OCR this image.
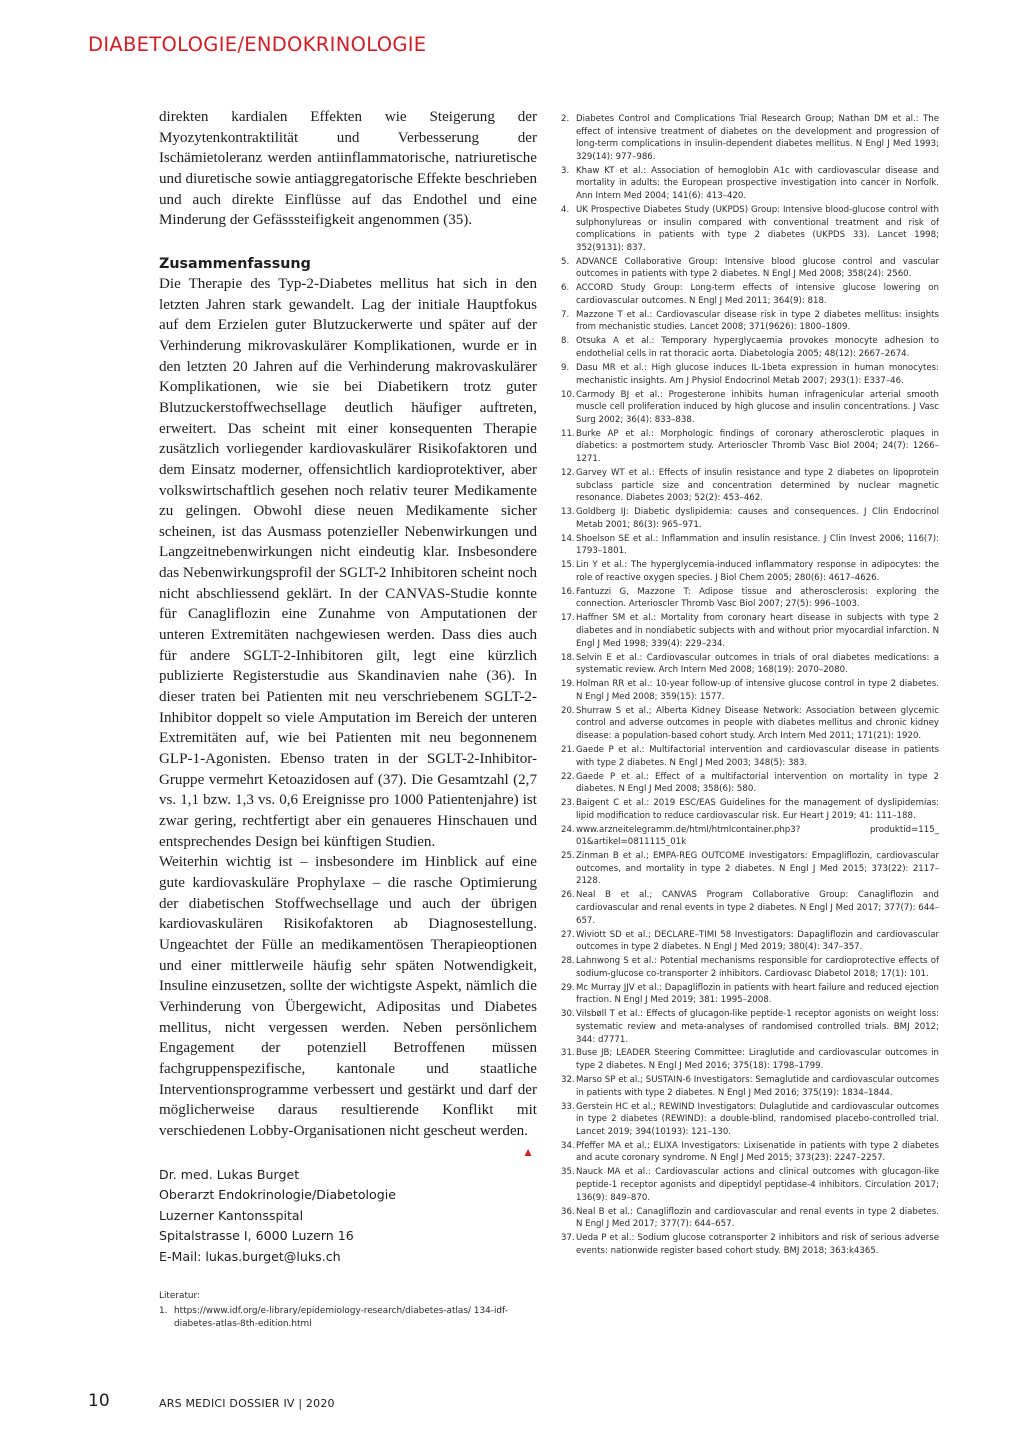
DIABETOLOGIE/ENDOKRINOLOGIE

direkten kardialen Effekten wie Steigerung der Myozytenkontraktilität und Verbesserung der Ischämietoleranz werden antiinflammatorische, natriuretische und diuretische sowie antiaggregatorische Effekte beschrieben und auch direkte Einflüsse auf das Endothel und eine Minderung der Gefässsteifigkeit angenommen (35).

Zusammenfassung

Die Therapie des Typ-2-Diabetes mellitus hat sich in den letzten Jahren stark gewandelt. Lag der initiale Hauptfokus auf dem Erzielen guter Blutzuckerwerte und später auf der Verhinderung mikrovaskulärer Komplikationen, wurde er in den letzten 20 Jahren auf die Verhinderung makrovaskulärer Komplikationen, wie sie bei Diabetikern trotz guter Blutzuckerstoffwechsellage deutlich häufiger auftreten, erweitert. Das scheint mit einer konsequenten Therapie zusätzlich vorliegender kardiovaskulärer Risikofaktoren und dem Einsatz moderner, offensichtlich kardioprotektiver, aber volkswirtschaftlich gesehen noch relativ teurer Medikamente zu gelingen. Obwohl diese neuen Medikamente sicher scheinen, ist das Ausmass potenzieller Nebenwirkungen und Langzeitnebenwirkungen nicht eindeutig klar. Insbesondere das Nebenwirkungsprofil der SGLT-2 Inhibitoren scheint noch nicht abschliessend geklärt. In der CANVAS-Studie konnte für Canagliflozin eine Zunahme von Amputationen der unteren Extremitäten nachgewiesen werden. Dass dies auch für andere SGLT-2-Inhibitoren gilt, legt eine kürzlich publizierte Registerstudie aus Skandinavien nahe (36). In dieser traten bei Patienten mit neu verschriebenem SGLT-2-Inhibitor doppelt so viele Amputation im Bereich der unteren Extremitäten auf, wie bei Patienten mit neu begonnenem GLP-1-Agonisten. Ebenso traten in der SGLT-2-Inhibitor-Gruppe vermehrt Ketoazidosen auf (37). Die Gesamtzahl (2,7 vs. 1,1 bzw. 1,3 vs. 0,6 Ereignisse pro 1000 Patientenjahre) ist zwar gering, rechtfertigt aber ein genaueres Hinschauen und entsprechendes Design bei künftigen Studien.

Weiterhin wichtig ist – insbesondere im Hinblick auf eine gute kardiovaskuläre Prophylaxe – die rasche Optimierung der diabetischen Stoffwechsellage und auch der übrigen kardiovaskulären Risikofaktoren ab Diagnosestellung. Ungeachtet der Fülle an medikamentösen Therapieoptionen und einer mittlerweile häufig sehr späten Notwendigkeit, Insuline einzusetzen, sollte der wichtigste Aspekt, nämlich die Verhinderung von Übergewicht, Adipositas und Diabetes mellitus, nicht vergessen werden. Neben persönlichem Engagement der potenziell Betroffenen müssen fachgruppenspezifische, kantonale und staatliche Interventionsprogramme verbessert und gestärkt und darf der möglicherweise daraus resultierende Konflikt mit verschiedenen Lobby-Organisationen nicht gescheut werden.
▲

Dr. med. Lukas Burget
Oberarzt Endokrinologie/Diabetologie
Luzerner Kantonsspital
Spitalstrasse I, 6000 Luzern 16
E-Mail: lukas.burget@luks.ch
Literatur:
1. https://www.idf.org/e-library/epidemiology-research/diabetes-atlas/ 134-idf-diabetes-atlas-8th-edition.html
2. Diabetes Control and Complications Trial Research Group; Nathan DM et al.: The effect of intensive treatment of diabetes on the development and progression of long-term complications in insulin-dependent diabetes mellitus. N Engl J Med 1993; 329(14): 977–986.
3. Khaw KT et al.: Association of hemoglobin A1c with cardiovascular disease and mortality in adults: the European prospective investigation into cancer in Norfolk. Ann Intern Med 2004; 141(6): 413–420.
4. UK Prospective Diabetes Study (UKPDS) Group: Intensive blood-glucose control with sulphonylureas or insulin compared with conventional treatment and risk of complications in patients with type 2 diabetes (UKPDS 33). Lancet 1998; 352(9131): 837.
5. ADVANCE Collaborative Group: Intensive blood glucose control and vascular outcomes in patients with type 2 diabetes. N Engl J Med 2008; 358(24): 2560.
6. ACCORD Study Group: Long-term effects of intensive glucose lowering on cardiovascular outcomes. N Engl J Med 2011; 364(9): 818.
7. Mazzone T et al.: Cardiovascular disease risk in type 2 diabetes mellitus: insights from mechanistic studies. Lancet 2008; 371(9626): 1800–1809.
8. Otsuka A et al.: Temporary hyperglycaemia provokes monocyte adhesion to endothelial cells in rat thoracic aorta. Diabetologia 2005; 48(12): 2667–2674.
9. Dasu MR et al.: High glucose induces IL-1beta expression in human monocytes: mechanistic insights. Am J Physiol Endocrinol Metab 2007; 293(1): E337–46.
10. Carmody BJ et al.: Progesterone inhibits human infragenicular arterial smooth muscle cell proliferation induced by high glucose and insulin concentrations. J Vasc Surg 2002; 36(4): 833–838.
11. Burke AP et al.: Morphologic findings of coronary atherosclerotic plaques in diabetics: a postmortem study. Arterioscler Thromb Vasc Biol 2004; 24(7): 1266–1271.
12. Garvey WT et al.: Effects of insulin resistance and type 2 diabetes on lipoprotein subclass particle size and concentration determined by nuclear magnetic resonance. Diabetes 2003; 52(2): 453–462.
13. Goldberg IJ: Diabetic dyslipidemia: causes and consequences. J Clin Endocrinol Metab 2001; 86(3): 965–971.
14. Shoelson SE et al.: Inflammation and insulin resistance. J Clin Invest 2006; 116(7): 1793–1801.
15. Lin Y et al.: The hyperglycemia-induced inflammatory response in adipocytes: the role of reactive oxygen species. J Biol Chem 2005; 280(6): 4617–4626.
16. Fantuzzi G, Mazzone T: Adipose tissue and atherosclerosis: exploring the connection. Arterioscler Thromb Vasc Biol 2007; 27(5): 996–1003.
17. Haffner SM et al.: Mortality from coronary heart disease in subjects with type 2 diabetes and in nondiabetic subjects with and without prior myocardial infarction. N Engl J Med 1998; 339(4): 229–234.
18. Selvin E et al.: Cardiovascular outcomes in trials of oral diabetes medications: a systematic review. Arch Intern Med 2008; 168(19): 2070–2080.
19. Holman RR et al.: 10-year follow-up of intensive glucose control in type 2 diabetes. N Engl J Med 2008; 359(15): 1577.
20. Shurraw S et al.; Alberta Kidney Disease Network: Association between glycemic control and adverse outcomes in people with diabetes mellitus and chronic kidney disease: a population-based cohort study. Arch Intern Med 2011; 171(21): 1920.
21. Gaede P et al.: Multifactorial intervention and cardiovascular disease in patients with type 2 diabetes. N Engl J Med 2003; 348(5): 383.
22. Gaede P et al.: Effect of a multifactorial intervention on mortality in type 2 diabetes. N Engl J Med 2008; 358(6): 580.
23. Baigent C et al.: 2019 ESC/EAS Guidelines for the management of dyslipidemias: lipid modification to reduce cardiovascular risk. Eur Heart J 2019; 41: 111–188.
24. www.arzneitelegramm.de/html/htmlcontainer.php3? produktid=115_ 01&artikel=0811115_01k
25. Zinman B et al.; EMPA-REG OUTCOME Investigators: Empagliflozin, cardiovascular outcomes, and mortality in type 2 diabetes. N Engl J Med 2015; 373(22): 2117–2128.
26. Neal B et al.; CANVAS Program Collaborative Group: Canagliflozin and cardiovascular and renal events in type 2 diabetes. N Engl J Med 2017; 377(7): 644–657.
27. Wiviott SD et al.; DECLARE–TIMI 58 Investigators: Dapagliflozin and cardiovascular outcomes in type 2 diabetes. N Engl J Med 2019; 380(4): 347–357.
28. Lahnwong S et al.: Potential mechanisms responsible for cardioprotective effects of sodium-glucose co-transporter 2 inhibitors. Cardiovasc Diabetol 2018; 17(1): 101.
29. Mc Murray JJV et al.: Dapagliflozin in patients with heart failure and reduced ejection fraction. N Engl J Med 2019; 381: 1995–2008.
30. Vilsbøll T et al.: Effects of glucagon-like peptide-1 receptor agonists on weight loss: systematic review and meta-analyses of randomised controlled trials. BMJ 2012; 344: d7771.
31. Buse JB; LEADER Steering Committee: Liraglutide and cardiovascular outcomes in type 2 diabetes. N Engl J Med 2016; 375(18): 1798–1799.
32. Marso SP et al.; SUSTAIN-6 Investigators: Semaglutide and cardiovascular outcomes in patients with type 2 diabetes. N Engl J Med 2016; 375(19): 1834–1844.
33. Gerstein HC et al.; REWIND Investigators: Dulaglutide and cardiovascular outcomes in type 2 diabetes (REWIND): a double-blind, randomised placebo-controlled trial. Lancet 2019; 394(10193): 121–130.
34. Pfeffer MA et al.; ELIXA Investigators: Lixisenatide in patients with type 2 diabetes and acute coronary syndrome. N Engl J Med 2015; 373(23): 2247–2257.
35. Nauck MA et al.: Cardiovascular actions and clinical outcomes with glucagon-like peptide-1 receptor agonists and dipeptidyl peptidase-4 inhibitors. Circulation 2017; 136(9): 849–870.
36. Neal B et al.: Canagliflozin and cardiovascular and renal events in type 2 diabetes. N Engl J Med 2017; 377(7): 644–657.
37. Ueda P et al.: Sodium glucose cotransporter 2 inhibitors and risk of serious adverse events: nationwide register based cohort study. BMJ 2018; 363:k4365.
10	ARS MEDICI DOSSIER IV | 2020
